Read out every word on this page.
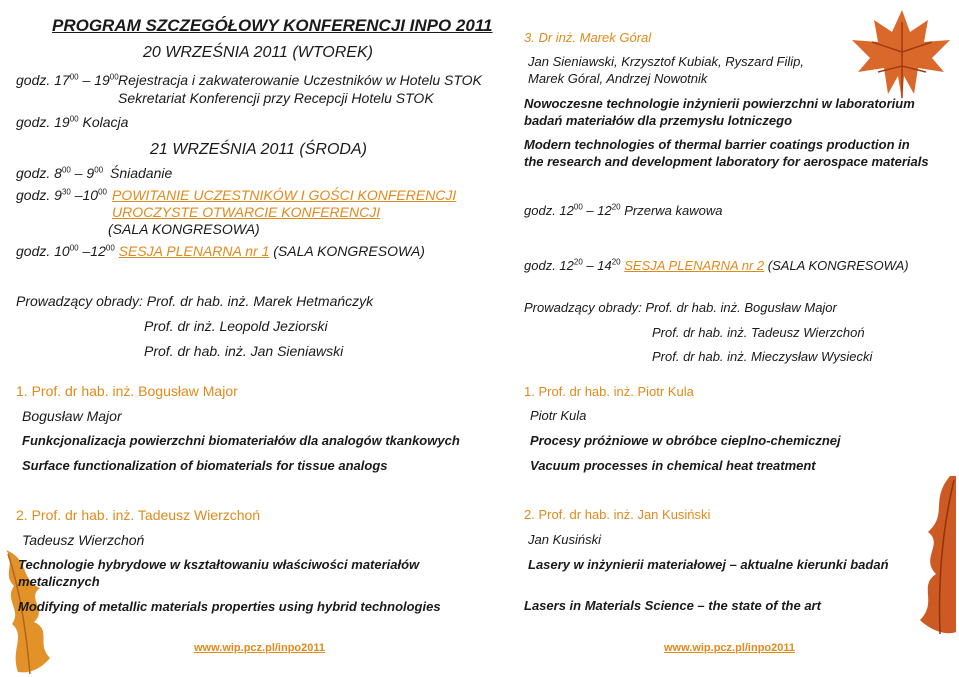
PROGRAM SZCZEGÓŁOWY KONFERENCJI INPO 2011
20 WRZEŚNIA 2011 (WTOREK)
godz. $17^{00} - 19^{00}$ Rejestracja i zakwaterowanie Uczestników w Hotelu STOK
Sekretariat Konferencji przy Recepcji Hotelu STOK
godz. $19^{00}$ Kolacja
21 WRZEŚNIA 2011 (ŚRODA)
godz. $8^{00} - 9^{00}$ Śniadanie
godz. $9^{30}$ $-10^{00}$ POWITANIE UCZESTNIKÓW I GOŚCI KONFERENCJI
UROCZYSTE OTWARCIE KONFERENCJI
(SALA KONGRESOWA)
godz. $10^{00}$ $-12^{00}$ SESJA PLENARNA nr 1 (SALA KONGRESOWA)
Prowadzący obrady: Prof. dr hab. inż. Marek Hetmańczyk
Prof. dr inż. Leopold Jeziorski
Prof. dr hab. inż. Jan Sieniawski
1. Prof. dr hab. inż. Bogusław Major
Bogusław Major
Funkcjonalizacja powierzchni biomateriałów dla analogów tkankowych
Surface functionalization of biomaterials for tissue analogs
2. Prof. dr hab. inż. Tadeusz Wierzchoń
Tadeusz Wierzchoń
Technologie hybrydowe w kształtowaniu właściwości materiałów
metalicznych
Modifying of metallic materials properties using hybrid technologies
www.wip.pcz.pl/inpo2011
3. Dr inż. Marek Góral
Jan Sieniawski, Krzysztof Kubiak, Ryszard Filip,
Marek Góral, Andrzej Nowotnik
Nowoczesne technologie inżynierii powierzchni w laboratorium
badań materiałów dla przemysłu lotniczego
Modern technologies of thermal barrier coatings production in
the research and development laboratory for aerospace materials
godz. $12^{00} - 12^{20}$ Przerwa kawowa
godz. $12^{20} - 14^{20}$ SESJA PLENARNA nr 2 (SALA KONGRESOWA)
Prowadzący obrady: Prof. dr hab. inż. Bogusław Major
Prof. dr hab. inż. Tadeusz Wierzchoń
Prof. dr hab. inż. Mieczysław Wysiecki
1. Prof. dr hab. inż. Piotr Kula
Piotr Kula
Procesy próżniowe w obróbce cieplno-chemicznej
Vacuum processes in chemical heat treatment
2. Prof. dr hab. inż. Jan Kusiński
Jan Kusiński
Lasery w inżynierii materiałowej – aktualne kierunki badań
Lasers in Materials Science – the state of the art
www.wip.pcz.pl/inpo2011
